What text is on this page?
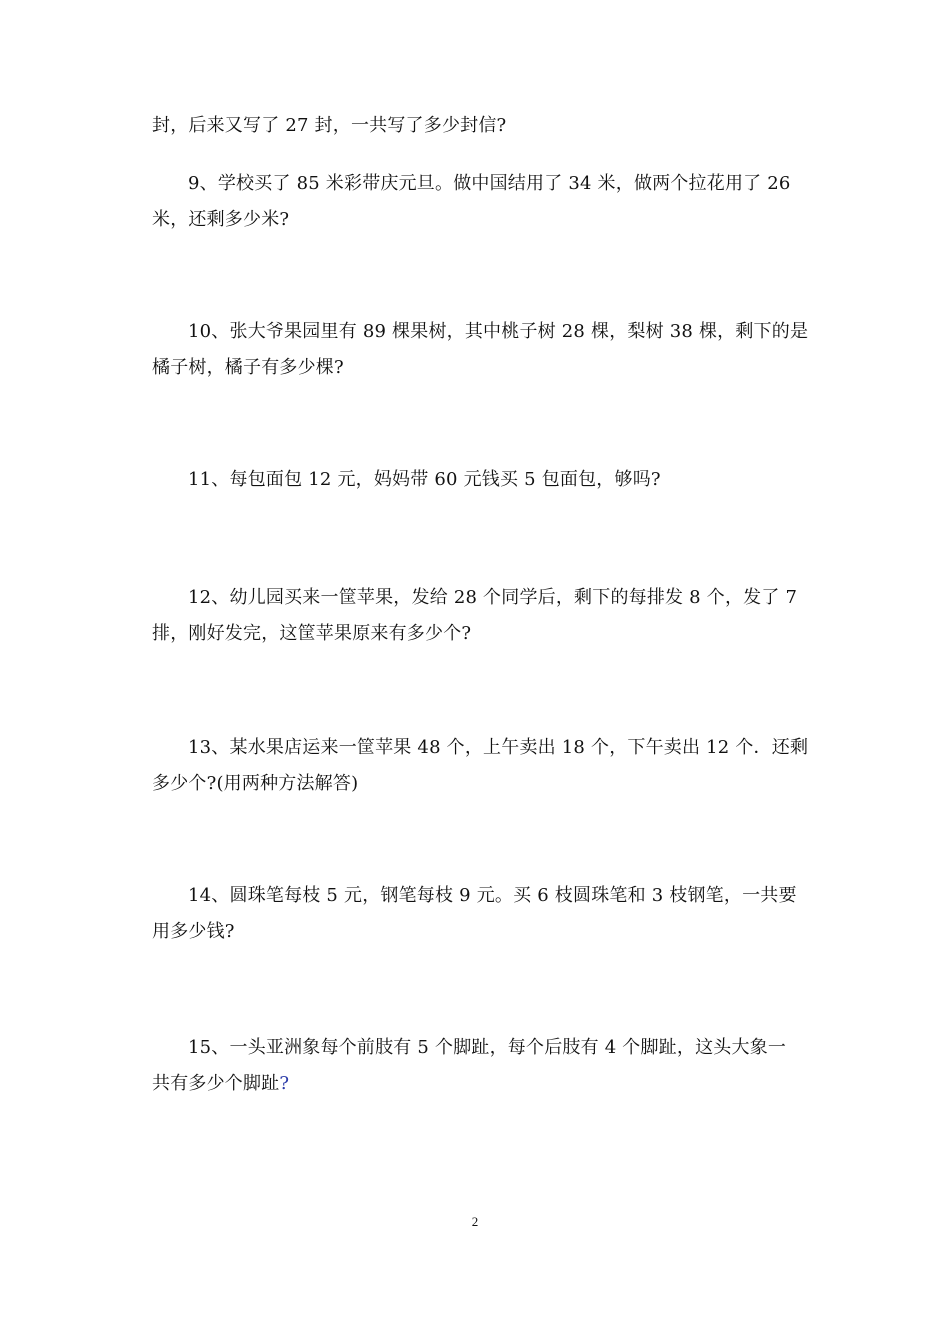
封，后来又写了 27 封，一共写了多少封信?
9、学校买了 85 米彩带庆元旦。做中国结用了 34 米，做两个拉花用了 26
米，还剩多少米?
10、张大爷果园里有 89 棵果树，其中桃子树 28 棵，梨树 38 棵，剩下的是
橘子树，橘子有多少棵?
11、每包面包 12 元，妈妈带 60 元钱买 5 包面包，够吗?
12、幼儿园买来一筐苹果，发给 28 个同学后，剩下的每排发 8 个，发了 7
排，刚好发完，这筐苹果原来有多少个?
13、某水果店运来一筐苹果 48 个，上午卖出 18 个，下午卖出 12 个．还剩
多少个?(用两种方法解答)
14、圆珠笔每枝 5 元，钢笔每枝 9 元。买 6 枝圆珠笔和 3 枝钢笔，一共要
用多少钱?
15、一头亚洲象每个前肢有 5 个脚趾，每个后肢有 4 个脚趾，这头大象一
共有多少个脚趾?
2
